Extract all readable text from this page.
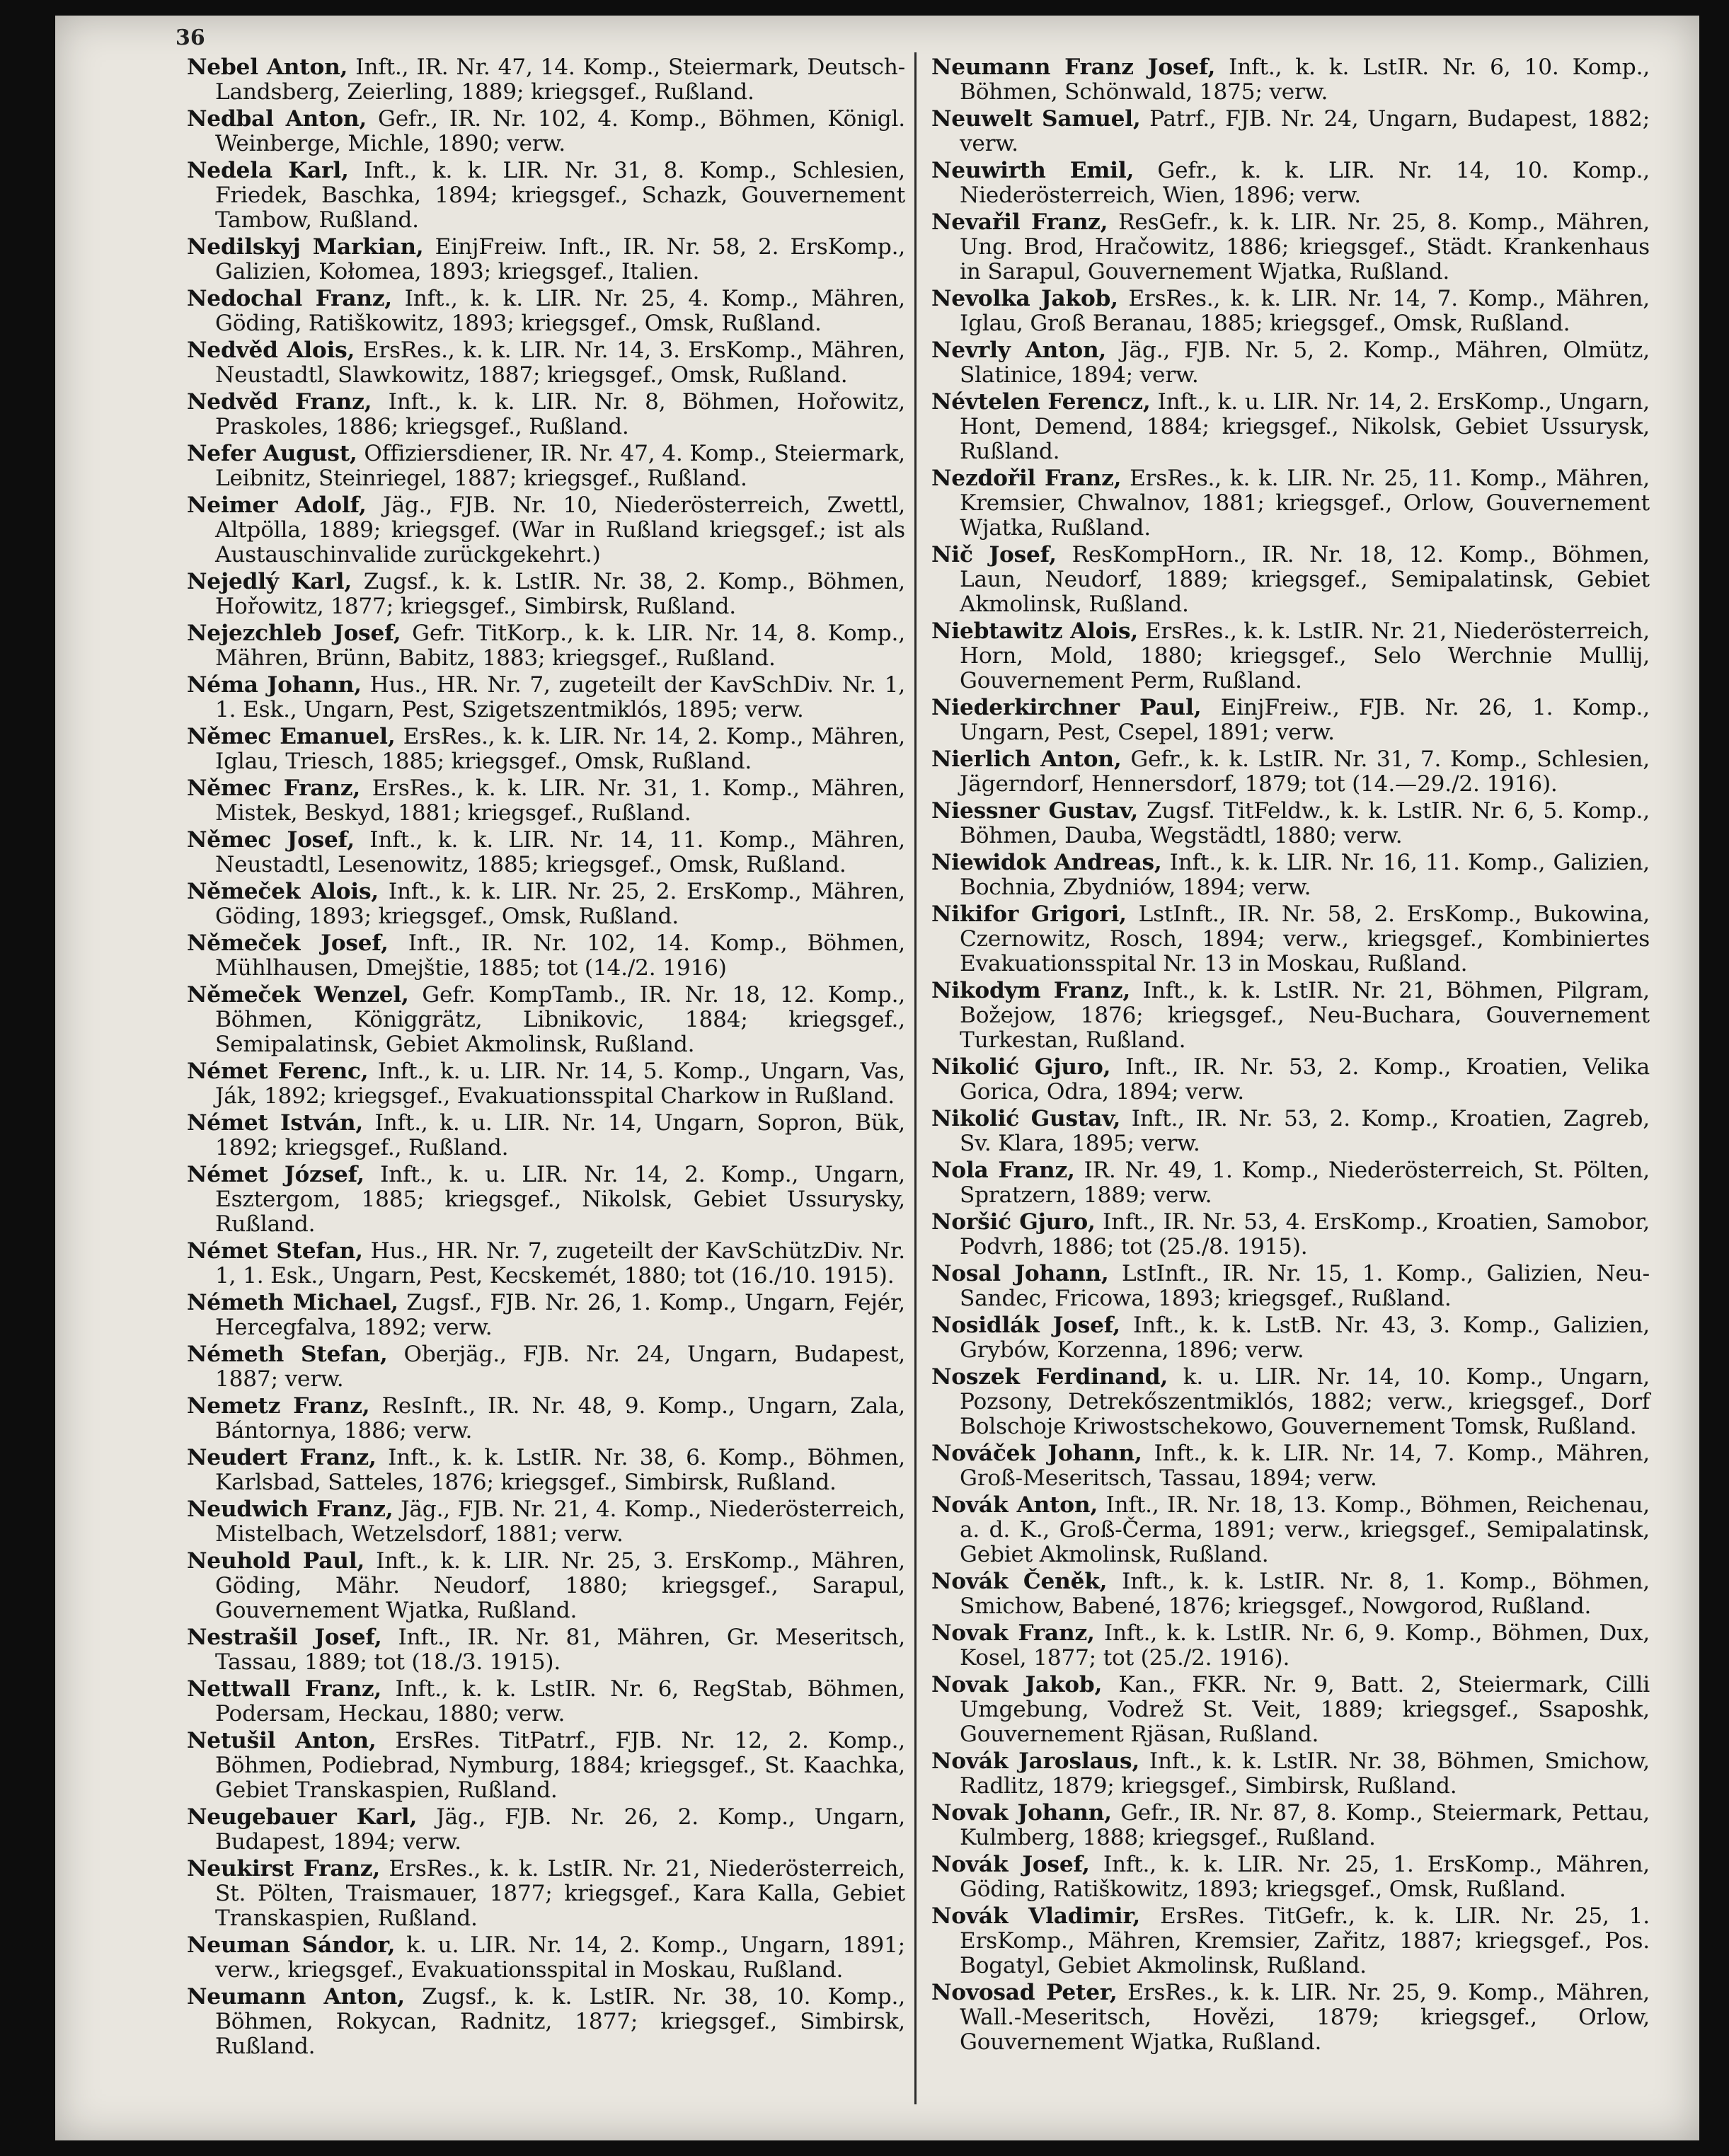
36

Nebel Anton, Inft., IR. Nr. 47, 14. Komp., Steiermark, Deutsch-Landsberg, Zeierling, 1889; kriegsgef., Rußland.

Nedbal Anton, Gefr., IR. Nr. 102, 4. Komp., Böhmen, Königl. Weinberge, Michle, 1890; verw.

Nedela Karl, Inft., k. k. LIR. Nr. 31, 8. Komp., Schlesien, Friedek, Baschka, 1894; kriegsgef., Schazk, Gouvernement Tambow, Rußland.

Nedilskyj Markian, EinjFreiw. Inft., IR. Nr. 58, 2. ErsKomp., Galizien, Kołomea, 1893; kriegsgef., Italien.

Nedochal Franz, Inft., k. k. LIR. Nr. 25, 4. Komp., Mähren, Göding, Ratiškowitz, 1893; kriegsgef., Omsk, Rußland.

Nedvěd Alois, ErsRes., k. k. LIR. Nr. 14, 3. ErsKomp., Mähren, Neustadtl, Slawkowitz, 1887; kriegsgef., Omsk, Rußland.

Nedvěd Franz, Inft., k. k. LIR. Nr. 8, Böhmen, Hořowitz, Praskoles, 1886; kriegsgef., Rußland.

Nefer August, Offiziersdiener, IR. Nr. 47, 4. Komp., Steiermark, Leibnitz, Steinriegel, 1887; kriegsgef., Rußland.

Neimer Adolf, Jäg., FJB. Nr. 10, Niederösterreich, Zwettl, Altpölla, 1889; kriegsgef. (War in Rußland kriegsgef.; ist als Austauschinvalide zurückgekehrt.)

Nejedlý Karl, Zugsf., k. k. LstIR. Nr. 38, 2. Komp., Böhmen, Hořowitz, 1877; kriegsgef., Simbirsk, Rußland.

Nejezchleb Josef, Gefr. TitKorp., k. k. LIR. Nr. 14, 8. Komp., Mähren, Brünn, Babitz, 1883; kriegsgef., Rußland.

Néma Johann, Hus., HR. Nr. 7, zugeteilt der KavSchDiv. Nr. 1, 1. Esk., Ungarn, Pest, Szigetszentmiklós, 1895; verw.

Němec Emanuel, ErsRes., k. k. LIR. Nr. 14, 2. Komp., Mähren, Iglau, Triesch, 1885; kriegsgef., Omsk, Rußland.

Němec Franz, ErsRes., k. k. LIR. Nr. 31, 1. Komp., Mähren, Mistek, Beskyd, 1881; kriegsgef., Rußland.

Němec Josef, Inft., k. k. LIR. Nr. 14, 11. Komp., Mähren, Neustadtl, Lesenowitz, 1885; kriegsgef., Omsk, Rußland.

Němeček Alois, Inft., k. k. LIR. Nr. 25, 2. ErsKomp., Mähren, Göding, 1893; kriegsgef., Omsk, Rußland.

Němeček Josef, Inft., IR. Nr. 102, 14. Komp., Böhmen, Mühlhausen, Dmejštie, 1885; tot (14./2. 1916)

Němeček Wenzel, Gefr. KompTamb., IR. Nr. 18, 12. Komp., Böhmen, Königgrätz, Libnikovic, 1884; kriegsgef., Semipalatinsk, Gebiet Akmolinsk, Rußland.

Német Ferenc, Inft., k. u. LIR. Nr. 14, 5. Komp., Ungarn, Vas, Ják, 1892; kriegsgef., Evakuationsspital Charkow in Rußland.

Német István, Inft., k. u. LIR. Nr. 14, Ungarn, Sopron, Bük, 1892; kriegsgef., Rußland.

Német József, Inft., k. u. LIR. Nr. 14, 2. Komp., Ungarn, Esztergom, 1885; kriegsgef., Nikolsk, Gebiet Ussurysky, Rußland.

Német Stefan, Hus., HR. Nr. 7, zugeteilt der KavSchützDiv. Nr. 1, 1. Esk., Ungarn, Pest, Kecskemét, 1880; tot (16./10. 1915).

Németh Michael, Zugsf., FJB. Nr. 26, 1. Komp., Ungarn, Fejér, Hercegfalva, 1892; verw.

Németh Stefan, Oberjäg., FJB. Nr. 24, Ungarn, Budapest, 1887; verw.

Nemetz Franz, ResInft., IR. Nr. 48, 9. Komp., Ungarn, Zala, Bántornya, 1886; verw.

Neudert Franz, Inft., k. k. LstIR. Nr. 38, 6. Komp., Böhmen, Karlsbad, Satteles, 1876; kriegsgef., Simbirsk, Rußland.

Neudwich Franz, Jäg., FJB. Nr. 21, 4. Komp., Niederösterreich, Mistelbach, Wetzelsdorf, 1881; verw.

Neuhold Paul, Inft., k. k. LIR. Nr. 25, 3. ErsKomp., Mähren, Göding, Mähr. Neudorf, 1880; kriegsgef., Sarapul, Gouvernement Wjatka, Rußland.

Nestrašil Josef, Inft., IR. Nr. 81, Mähren, Gr. Meseritsch, Tassau, 1889; tot (18./3. 1915).

Nettwall Franz, Inft., k. k. LstIR. Nr. 6, RegStab, Böhmen, Podersam, Heckau, 1880; verw.

Netušil Anton, ErsRes. TitPatrf., FJB. Nr. 12, 2. Komp., Böhmen, Podiebrad, Nymburg, 1884; kriegsgef., St. Kaachka, Gebiet Transkaspien, Rußland.

Neugebauer Karl, Jäg., FJB. Nr. 26, 2. Komp., Ungarn, Budapest, 1894; verw.

Neukirst Franz, ErsRes., k. k. LstIR. Nr. 21, Niederösterreich, St. Pölten, Traismauer, 1877; kriegsgef., Kara Kalla, Gebiet Transkaspien, Rußland.

Neuman Sándor, k. u. LIR. Nr. 14, 2. Komp., Ungarn, 1891; verw., kriegsgef., Evakuationsspital in Moskau, Rußland.

Neumann Anton, Zugsf., k. k. LstIR. Nr. 38, 10. Komp., Böhmen, Rokycan, Radnitz, 1877; kriegsgef., Simbirsk, Rußland.

Neumann Franz Josef, Inft., k. k. LstIR. Nr. 6, 10. Komp., Böhmen, Schönwald, 1875; verw.

Neuwelt Samuel, Patrf., FJB. Nr. 24, Ungarn, Budapest, 1882; verw.

Neuwirth Emil, Gefr., k. k. LIR. Nr. 14, 10. Komp., Niederösterreich, Wien, 1896; verw.

Nevařil Franz, ResGefr., k. k. LIR. Nr. 25, 8. Komp., Mähren, Ung. Brod, Hračowitz, 1886; kriegsgef., Städt. Krankenhaus in Sarapul, Gouvernement Wjatka, Rußland.

Nevolka Jakob, ErsRes., k. k. LIR. Nr. 14, 7. Komp., Mähren, Iglau, Groß Beranau, 1885; kriegsgef., Omsk, Rußland.

Nevrly Anton, Jäg., FJB. Nr. 5, 2. Komp., Mähren, Olmütz, Slatinice, 1894; verw.

Névtelen Ferencz, Inft., k. u. LIR. Nr. 14, 2. ErsKomp., Ungarn, Hont, Demend, 1884; kriegsgef., Nikolsk, Gebiet Ussurysk, Rußland.

Nezdořil Franz, ErsRes., k. k. LIR. Nr. 25, 11. Komp., Mähren, Kremsier, Chwalnov, 1881; kriegsgef., Orlow, Gouvernement Wjatka, Rußland.

Nič Josef, ResKompHorn., IR. Nr. 18, 12. Komp., Böhmen, Laun, Neudorf, 1889; kriegsgef., Semipalatinsk, Gebiet Akmolinsk, Rußland.

Niebtawitz Alois, ErsRes., k. k. LstIR. Nr. 21, Niederösterreich, Horn, Mold, 1880; kriegsgef., Selo Werchnie Mullij, Gouvernement Perm, Rußland.

Niederkirchner Paul, EinjFreiw., FJB. Nr. 26, 1. Komp., Ungarn, Pest, Csepel, 1891; verw.

Nierlich Anton, Gefr., k. k. LstIR. Nr. 31, 7. Komp., Schlesien, Jägerndorf, Hennersdorf, 1879; tot (14.—29./2. 1916).

Niessner Gustav, Zugsf. TitFeldw., k. k. LstIR. Nr. 6, 5. Komp., Böhmen, Dauba, Wegstädtl, 1880; verw.

Niewidok Andreas, Inft., k. k. LIR. Nr. 16, 11. Komp., Galizien, Bochnia, Zbydniów, 1894; verw.

Nikifor Grigori, LstInft., IR. Nr. 58, 2. ErsKomp., Bukowina, Czernowitz, Rosch, 1894; verw., kriegsgef., Kombiniertes Evakuationsspital Nr. 13 in Moskau, Rußland.

Nikodym Franz, Inft., k. k. LstIR. Nr. 21, Böhmen, Pilgram, Božejow, 1876; kriegsgef., Neu-Buchara, Gouvernement Turkestan, Rußland.

Nikolić Gjuro, Inft., IR. Nr. 53, 2. Komp., Kroatien, Velika Gorica, Odra, 1894; verw.

Nikolić Gustav, Inft., IR. Nr. 53, 2. Komp., Kroatien, Zagreb, Sv. Klara, 1895; verw.

Nola Franz, IR. Nr. 49, 1. Komp., Niederösterreich, St. Pölten, Spratzern, 1889; verw.

Noršić Gjuro, Inft., IR. Nr. 53, 4. ErsKomp., Kroatien, Samobor, Podvrh, 1886; tot (25./8. 1915).

Nosal Johann, LstInft., IR. Nr. 15, 1. Komp., Galizien, Neu-Sandec, Fricowa, 1893; kriegsgef., Rußland.

Nosidlák Josef, Inft., k. k. LstB. Nr. 43, 3. Komp., Galizien, Grybów, Korzenna, 1896; verw.

Noszek Ferdinand, k. u. LIR. Nr. 14, 10. Komp., Ungarn, Pozsony, Detrekőszentmiklós, 1882; verw., kriegsgef., Dorf Bolschoje Kriwostschekowo, Gouvernement Tomsk, Rußland.

Nováček Johann, Inft., k. k. LIR. Nr. 14, 7. Komp., Mähren, Groß-Meseritsch, Tassau, 1894; verw.

Novák Anton, Inft., IR. Nr. 18, 13. Komp., Böhmen, Reichenau, a. d. K., Groß-Čerma, 1891; verw., kriegsgef., Semipalatinsk, Gebiet Akmolinsk, Rußland.

Novák Čeněk, Inft., k. k. LstIR. Nr. 8, 1. Komp., Böhmen, Smichow, Babené, 1876; kriegsgef., Nowgorod, Rußland.

Novak Franz, Inft., k. k. LstIR. Nr. 6, 9. Komp., Böhmen, Dux, Kosel, 1877; tot (25./2. 1916).

Novak Jakob, Kan., FKR. Nr. 9, Batt. 2, Steiermark, Cilli Umgebung, Vodrež St. Veit, 1889; kriegsgef., Ssaposhk, Gouvernement Rjäsan, Rußland.

Novák Jaroslaus, Inft., k. k. LstIR. Nr. 38, Böhmen, Smichow, Radlitz, 1879; kriegsgef., Simbirsk, Rußland.

Novak Johann, Gefr., IR. Nr. 87, 8. Komp., Steiermark, Pettau, Kulmberg, 1888; kriegsgef., Rußland.

Novák Josef, Inft., k. k. LIR. Nr. 25, 1. ErsKomp., Mähren, Göding, Ratiškowitz, 1893; kriegsgef., Omsk, Rußland.

Novák Vladimir, ErsRes. TitGefr., k. k. LIR. Nr. 25, 1. ErsKomp., Mähren, Kremsier, Zařitz, 1887; kriegsgef., Pos. Bogatyl, Gebiet Akmolinsk, Rußland.

Novosad Peter, ErsRes., k. k. LIR. Nr. 25, 9. Komp., Mähren, Wall.-Meseritsch, Hovězi, 1879; kriegsgef., Orlow, Gouvernement Wjatka, Rußland.
